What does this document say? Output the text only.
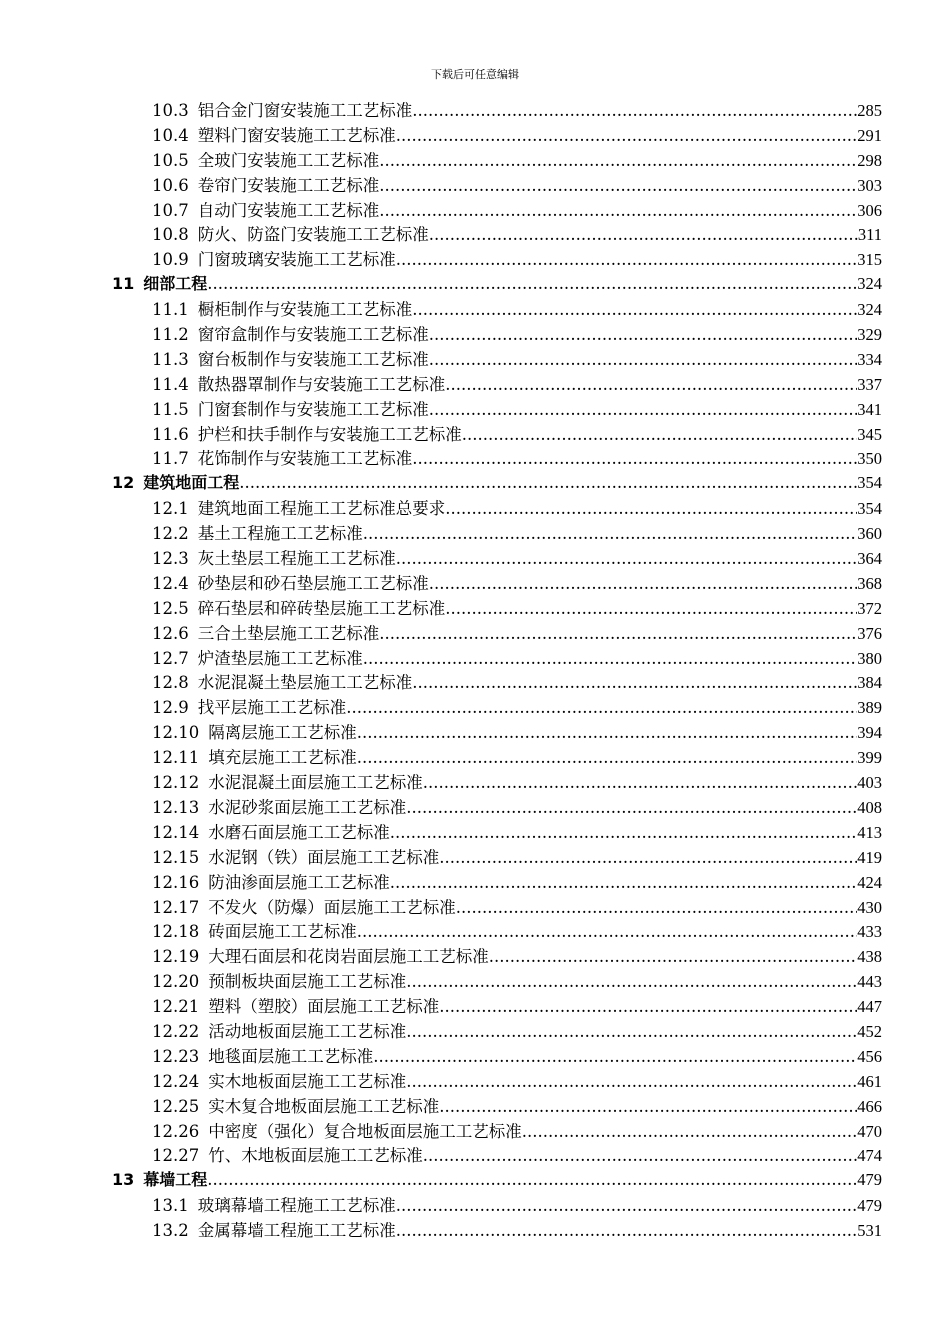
下载后可任意编辑
10.3 铝合金门窗安装施工工艺标准 .....	285
10.4 塑料门窗安装施工工艺标准 .....	291
10.5 全玻门安装施工工艺标准 .....	298
10.6 卷帘门安装施工工艺标准 .....	303
10.7 自动门安装施工工艺标准 .....	306
10.8 防火、防盗门安装施工工艺标准 .....	311
10.9 门窗玻璃安装施工工艺标准 .....	315
11 细部工程 .....	324
11.1 橱柜制作与安装施工工艺标准 .....	324
11.2 窗帘盒制作与安装施工工艺标准 .....	329
11.3 窗台板制作与安装施工工艺标准 .....	334
11.4 散热器罩制作与安装施工工艺标准 .....	337
11.5 门窗套制作与安装施工工艺标准 .....	341
11.6 护栏和扶手制作与安装施工工艺标准 .....	345
11.7 花饰制作与安装施工工艺标准 .....	350
12 建筑地面工程 .....	354
12.1 建筑地面工程施工工艺标准总要求 .....	354
12.2 基土工程施工工艺标准 .....	360
12.3 灰土垫层工程施工工艺标准 .....	364
12.4 砂垫层和砂石垫层施工工艺标准 .....	368
12.5 碎石垫层和碎砖垫层施工工艺标准 .....	372
12.6 三合土垫层施工工艺标准 .....	376
12.7 炉渣垫层施工工艺标准 .....	380
12.8 水泥混凝土垫层施工工艺标准 .....	384
12.9 找平层施工工艺标准 .....	389
12.10 隔离层施工工艺标准 .....	394
12.11 填充层施工工艺标准 .....	399
12.12 水泥混凝土面层施工工艺标准 .....	403
12.13 水泥砂浆面层施工工艺标准 .....	408
12.14 水磨石面层施工工艺标准 .....	413
12.15 水泥钢（铁）面层施工工艺标准 .....	419
12.16 防油渗面层施工工艺标准 .....	424
12.17 不发火（防爆）面层施工工艺标准 .....	430
12.18 砖面层施工工艺标准 .....	433
12.19 大理石面层和花岗岩面层施工工艺标准 .....	438
12.20 预制板块面层施工工艺标准 .....	443
12.21 塑料（塑胶）面层施工工艺标准 .....	447
12.22 活动地板面层施工工艺标准 .....	452
12.23 地毯面层施工工艺标准 .....	456
12.24 实木地板面层施工工艺标准 .....	461
12.25 实木复合地板面层施工工艺标准 .....	466
12.26 中密度（强化）复合地板面层施工工艺标准 .....	470
12.27 竹、木地板面层施工工艺标准 .....	474
13 幕墙工程 .....	479
13.1 玻璃幕墙工程施工工艺标准 .....	479
13.2 金属幕墙工程施工工艺标准 .....	531
